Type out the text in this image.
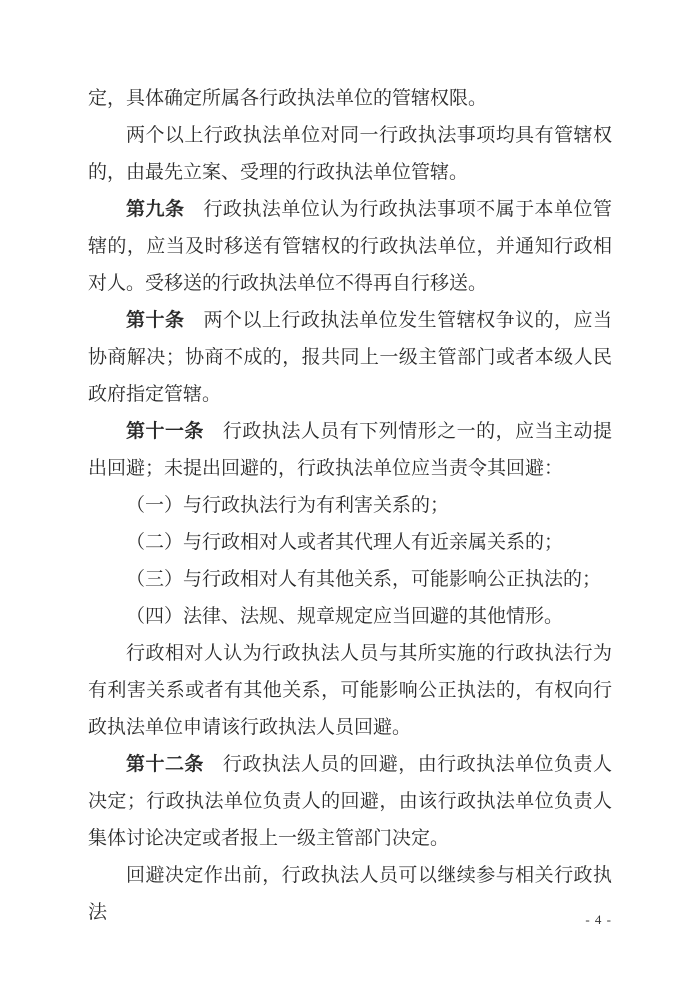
定，具体确定所属各行政执法单位的管辖权限。

两个以上行政执法单位对同一行政执法事项均具有管辖权的，由最先立案、受理的行政执法单位管辖。

第九条 行政执法单位认为行政执法事项不属于本单位管辖的，应当及时移送有管辖权的行政执法单位，并通知行政相对人。受移送的行政执法单位不得再自行移送。

第十条 两个以上行政执法单位发生管辖权争议的，应当协商解决；协商不成的，报共同上一级主管部门或者本级人民政府指定管辖。

第十一条 行政执法人员有下列情形之一的，应当主动提出回避；未提出回避的，行政执法单位应当责令其回避：

（一）与行政执法行为有利害关系的；

（二）与行政相对人或者其代理人有近亲属关系的；

（三）与行政相对人有其他关系，可能影响公正执法的；

（四）法律、法规、规章规定应当回避的其他情形。

行政相对人认为行政执法人员与其所实施的行政执法行为有利害关系或者有其他关系，可能影响公正执法的，有权向行政执法单位申请该行政执法人员回避。

第十二条 行政执法人员的回避，由行政执法单位负责人决定；行政执法单位负责人的回避，由该行政执法单位负责人集体讨论决定或者报上一级主管部门决定。

回避决定作出前，行政执法人员可以继续参与相关行政执法	- 4 -
